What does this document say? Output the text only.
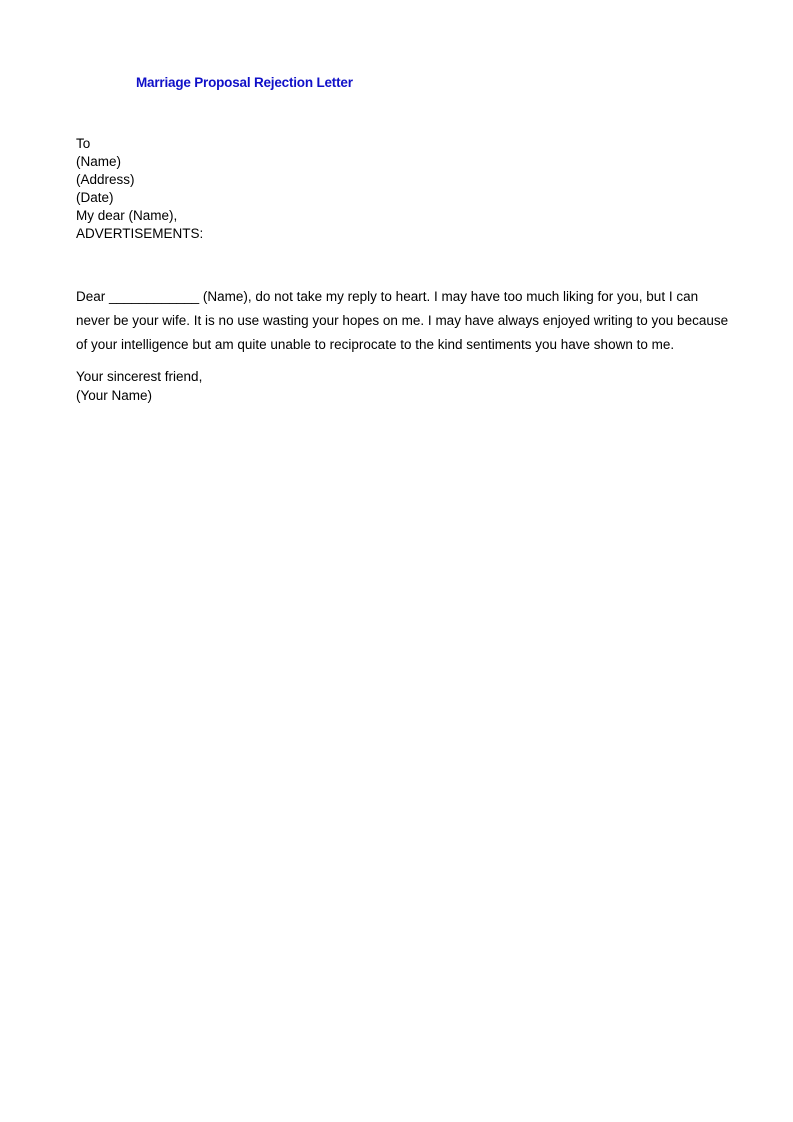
Marriage Proposal Rejection Letter
To
(Name)
(Address)
(Date)
My dear (Name),
ADVERTISEMENTS:
Dear ____________ (Name), do not take my reply to heart. I may have too much liking for you, but I can
never be your wife. It is no use wasting your hopes on me. I may have always enjoyed writing to you because
of your intelligence but am quite unable to reciprocate to the kind sentiments you have shown to me.
Your sincerest friend,
(Your Name)
